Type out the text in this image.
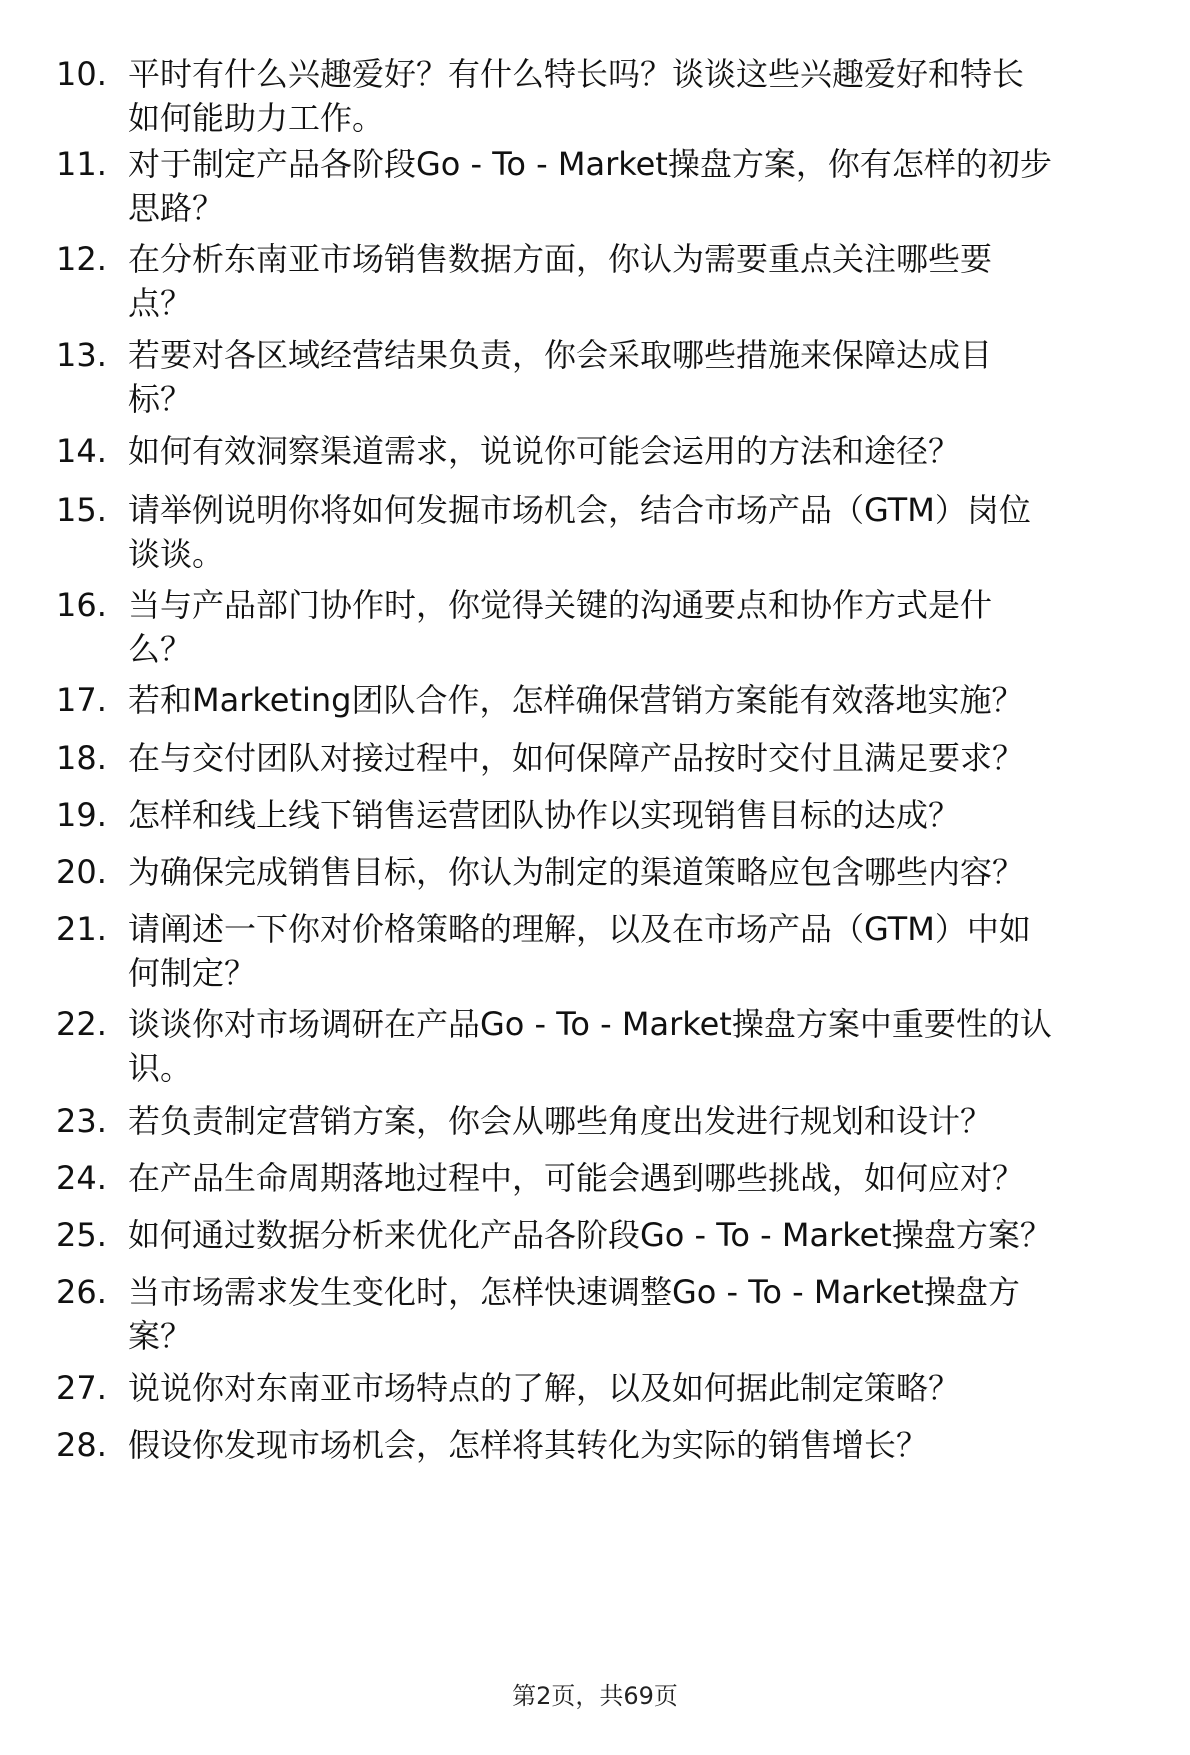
10. 平时有什么兴趣爱好？有什么特长吗？谈谈这些兴趣爱好和特长
如何能助力工作。
11. 对于制定产品各阶段Go - To - Market操盘方案，你有怎样的初步
思路？
12. 在分析东南亚市场销售数据方面，你认为需要重点关注哪些要
点？
13. 若要对各区域经营结果负责，你会采取哪些措施来保障达成目
标？
14. 如何有效洞察渠道需求，说说你可能会运用的方法和途径？
15. 请举例说明你将如何发掘市场机会，结合市场产品（GTM）岗位
谈谈。
16. 当与产品部门协作时，你觉得关键的沟通要点和协作方式是什
么？
17. 若和Marketing团队合作，怎样确保营销方案能有效落地实施？
18. 在与交付团队对接过程中，如何保障产品按时交付且满足要求？
19. 怎样和线上线下销售运营团队协作以实现销售目标的达成？
20. 为确保完成销售目标，你认为制定的渠道策略应包含哪些内容？
21. 请阐述一下你对价格策略的理解，以及在市场产品（GTM）中如
何制定？
22. 谈谈你对市场调研在产品Go - To - Market操盘方案中重要性的认
识。
23. 若负责制定营销方案，你会从哪些角度出发进行规划和设计？
24. 在产品生命周期落地过程中，可能会遇到哪些挑战，如何应对？
25. 如何通过数据分析来优化产品各阶段Go - To - Market操盘方案？
26. 当市场需求发生变化时，怎样快速调整Go - To - Market操盘方
案？
27. 说说你对东南亚市场特点的了解，以及如何据此制定策略？
28. 假设你发现市场机会，怎样将其转化为实际的销售增长？
第2页，共69页
